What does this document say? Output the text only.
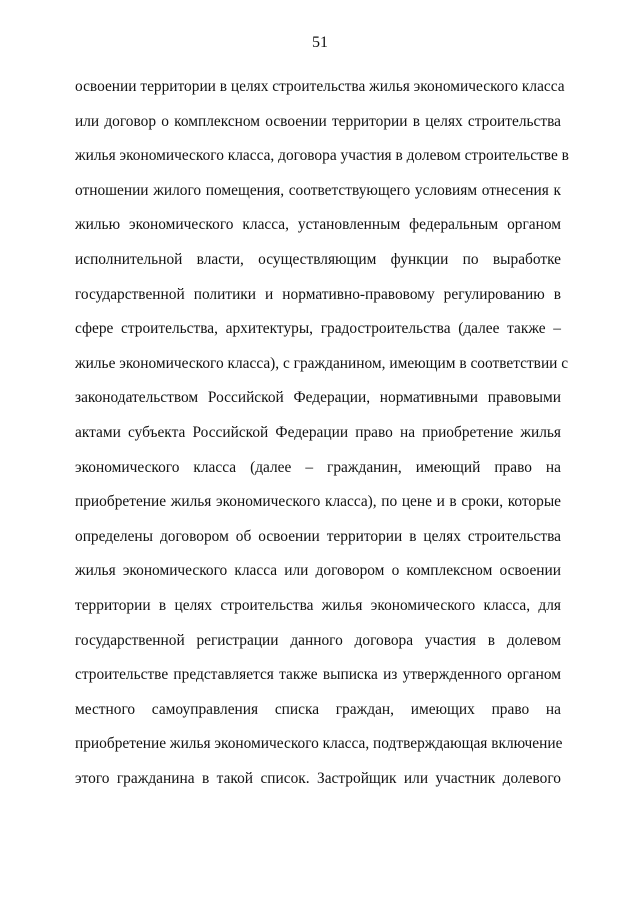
51
освоении территории в целях строительства жилья экономического класса
или договор о комплексном освоении территории в целях строительства
жилья экономического класса, договора участия в долевом строительстве в
отношении жилого помещения, соответствующего условиям отнесения к
жилью экономического класса, установленным федеральным органом
исполнительной власти, осуществляющим функции по выработке
государственной политики и нормативно-правовому регулированию в
сфере строительства, архитектуры, градостроительства (далее также –
жилье экономического класса), с гражданином, имеющим в соответствии с
законодательством Российской Федерации, нормативными правовыми
актами субъекта Российской Федерации право на приобретение жилья
экономического класса (далее – гражданин, имеющий право на
приобретение жилья экономического класса), по цене и в сроки, которые
определены договором об освоении территории в целях строительства
жилья экономического класса или договором о комплексном освоении
территории в целях строительства жилья экономического класса, для
государственной регистрации данного договора участия в долевом
строительстве представляется также выписка из утвержденного органом
местного самоуправления списка граждан, имеющих право на
приобретение жилья экономического класса, подтверждающая включение
этого гражданина в такой список. Застройщик или участник долевого
